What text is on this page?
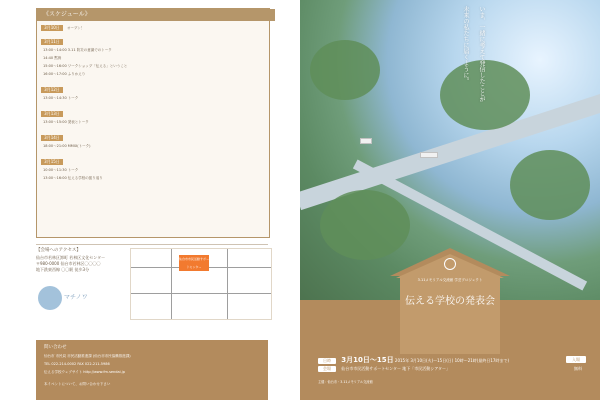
《スケジュール》
3月10日	オープン！
3月11日
13:00～14:00 3.11 防災の意識でのトーク
14:40 黙祷
15:00～16:00 ワークショップ「伝える」ということ
16:00～17:00 ふりかえり
3月12日
13:00～14:30 トーク
3月13日
13:00～15:00 発表とトーク
3月14日
18:00～21:00 MMIX(トーク)
3月15日
10:00～11:30 トーク
13:00～16:00 伝える学校の振り返り
【会場へのアクセス】
仙台市若林区卸町 若林区文化センター
〒980-0000 仙台市若林区〇〇〇〇
地下鉄東西線 〇〇駅 徒歩3分
仙台市市民活動サポートセンター
マチノワ
問い合わせ
仙台市 市民局 市民活動推進課 (仙台市市民協働推進課)
TEL 022-214-0002 FAX 022-211-5986
伝える学校ウェブサイト http://www.fm.sendai.jp
本イベントについて、お問い合わせ下さい
いま、一緒に考えて発信したことが
未来の私たちに届くように。
3.11メモリアル交流館 学芸プロジェクト
伝える学校の発表会
日時 3月10日～15日 2015年 3月10日(火)～15日(日) 10時～21時(最終日17時まで)	入場
会場	仙台市市民活動サポートセンター 地下「市民活動シアター」	無料
主催：仙台市・3.11メモリアル交流館
